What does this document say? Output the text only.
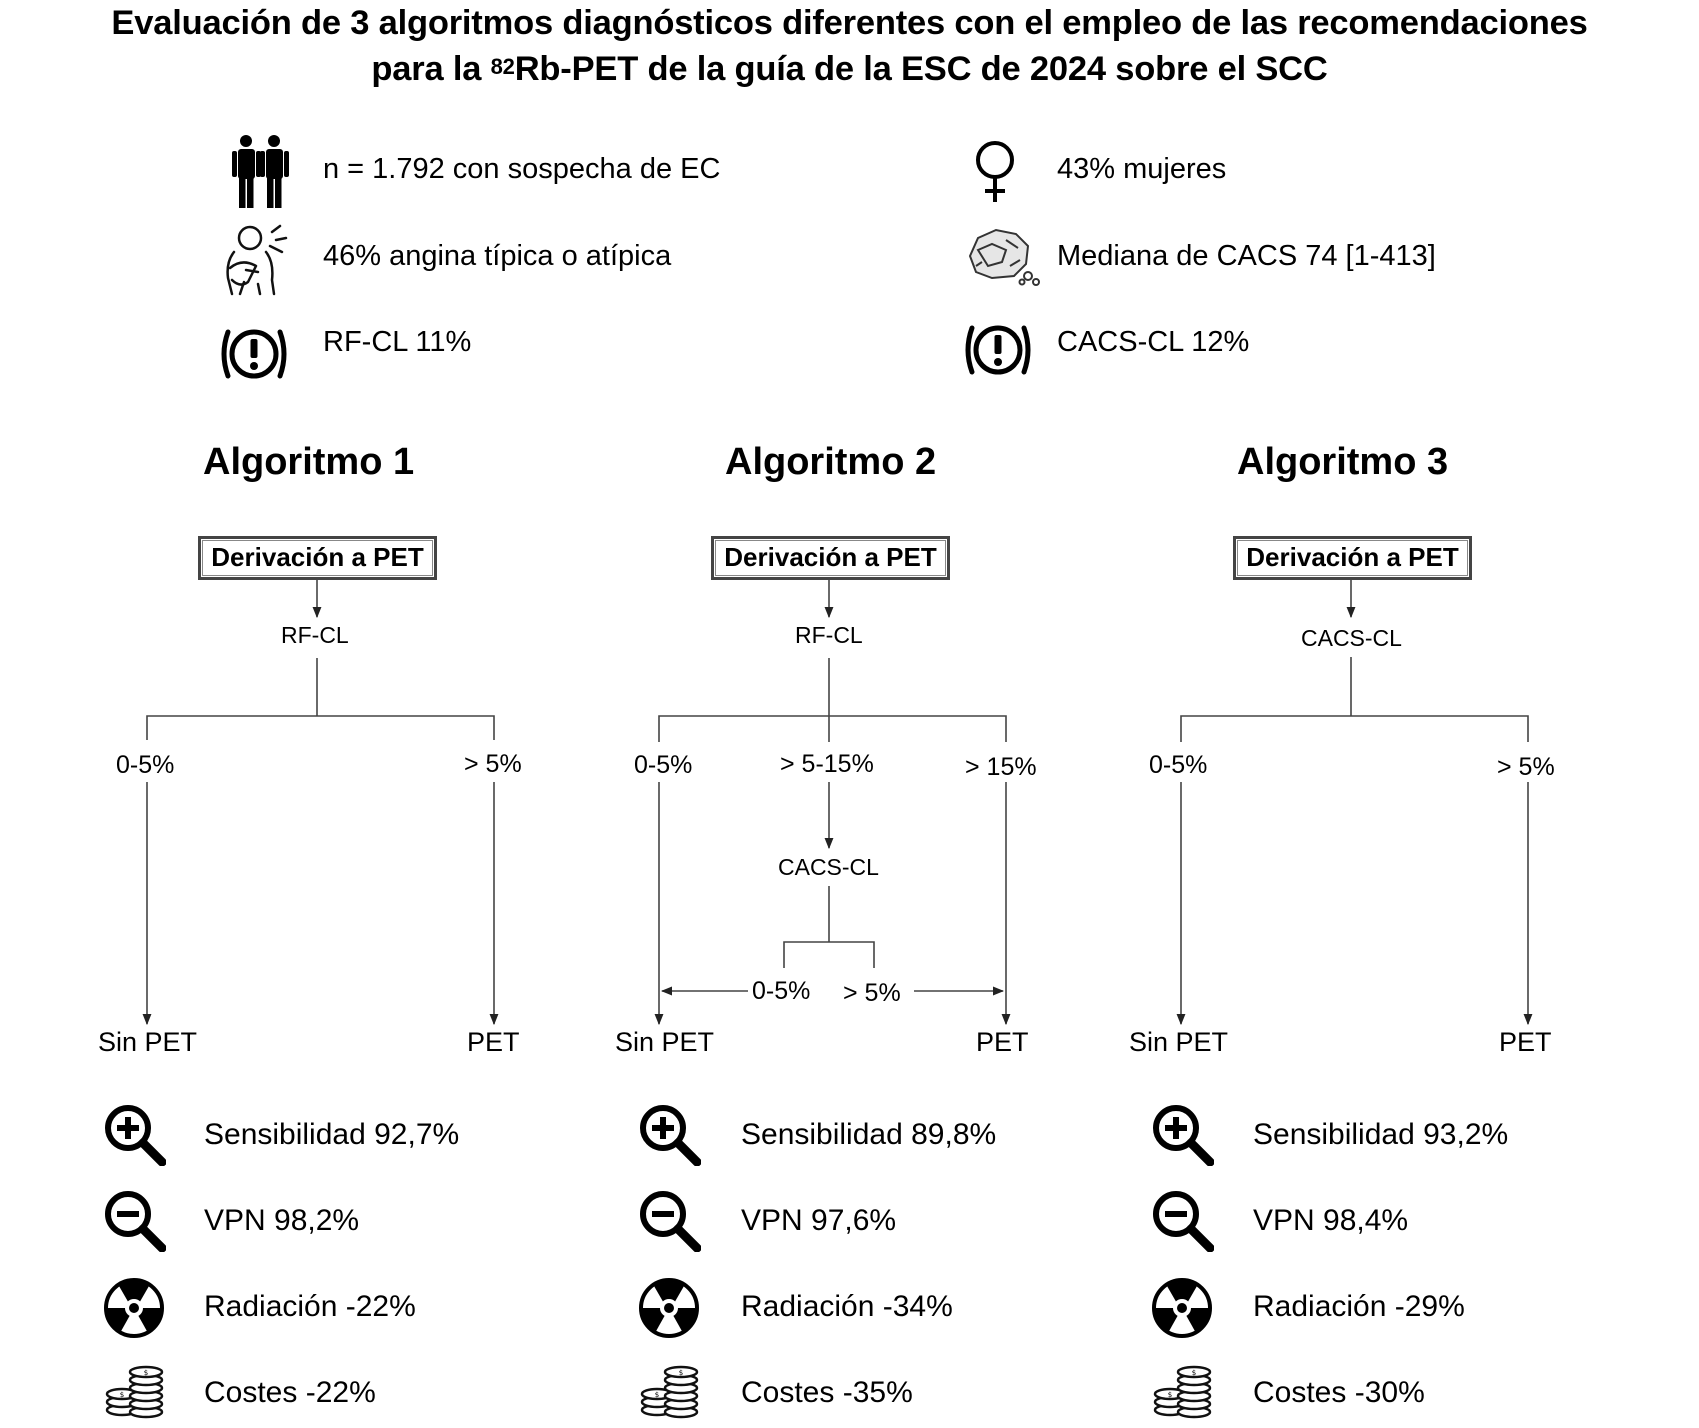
Evaluación de 3 algoritmos diagnósticos diferentes con el empleo de las recomendaciones
para la $^{82}$Rb-PET de la guía de la ESC de 2024 sobre el SCC
n = 1.792 con sospecha de EC	43% mujeres
46% angina típica o atípica	Mediana de CACS 74 [1-413]
RF-CL 11%	CACS-CL 12%
Algoritmo 1	Algoritmo 2	Algoritmo 3
Derivación a PET	Derivación a PET	Derivación a PET
RF-CL	RF-CL
CACS-CL
CACS-CL
0-5%	> 5%	0-5%	> 5-15%	> 15%
0-5% > 5%
0-5%	> 5%
Sin PET	PET	Sin PET	PET	Sin PET	PET
Sensibilidad 92,7%
VPN 98,2%
Radiación -22%
Costes -22%
Sensibilidad 89,8%
VPN 97,6%
Radiación -34%
Costes -35%
Sensibilidad 93,2%
VPN 98,4%
Radiación -29%
Costes -30%
$
$
$
$
$
$
